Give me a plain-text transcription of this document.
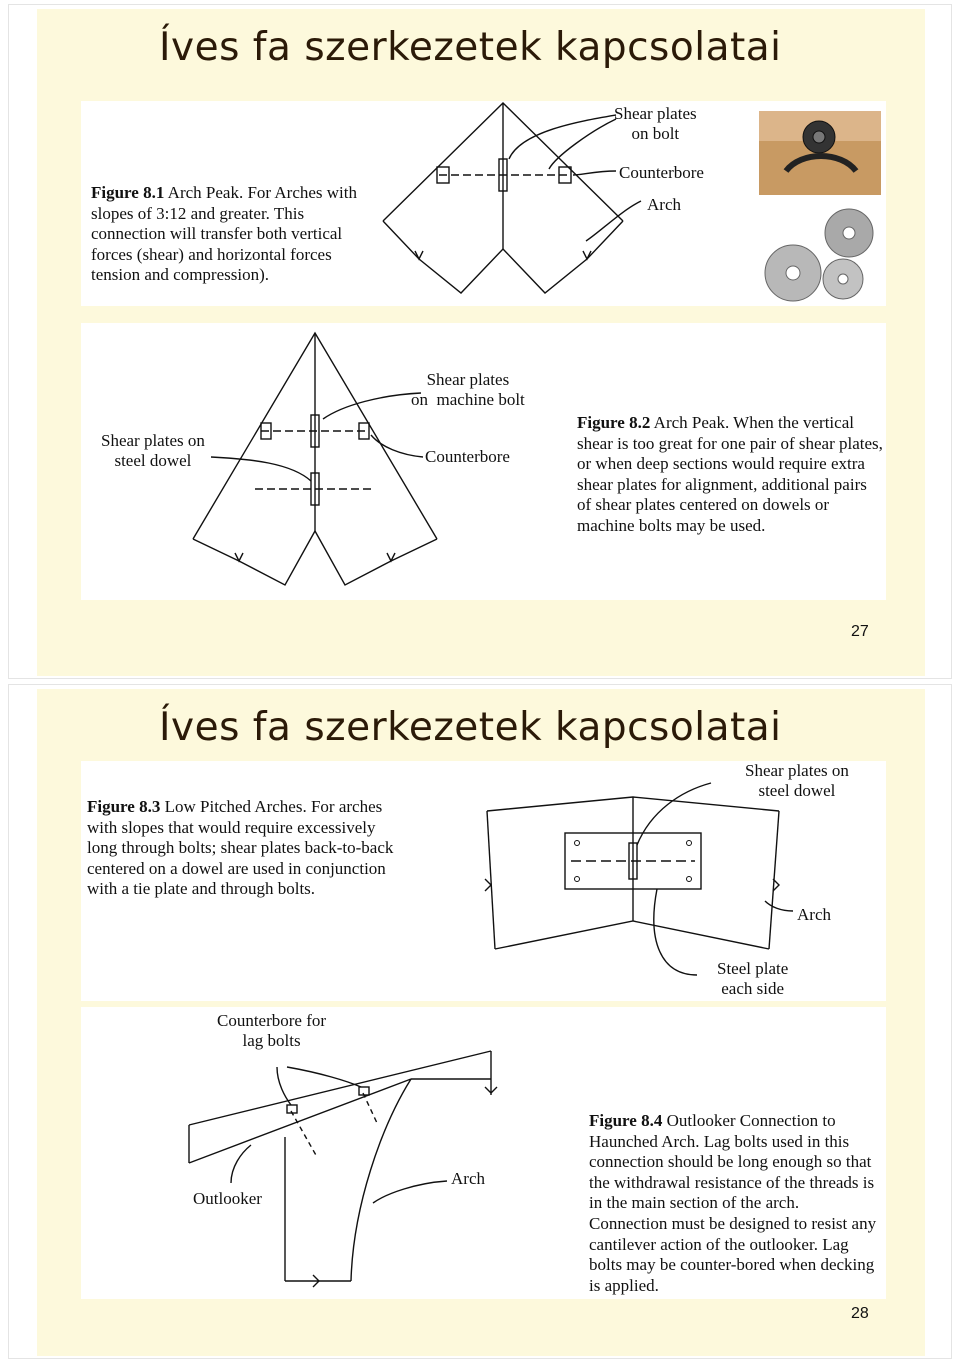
Íves fa szerkezetek kapcsolatai
Figure 8.1 Arch Peak. For Arches with slopes of 3:12 and greater. This connection will transfer both vertical forces (shear) and horizontal forces tension and compression).
Shear plates
on bolt
Counterbore
Arch
Shear plates
on  machine bolt
Shear plates on
steel dowel	Counterbore
Figure 8.2 Arch Peak. When the vertical shear is too great for one pair of shear plates, or when deep sections would require extra shear plates for alignment, additional pairs of shear plates centered on dowels or machine bolts may be used.
27
Íves fa szerkezetek kapcsolatai
Figure 8.3 Low Pitched Arches. For arches with slopes that would require excessively long through bolts; shear plates back-to-back centered on a dowel are used in conjunction with a tie plate and through bolts.
Shear plates on
steel dowel
Arch
Steel plate
each side
Counterbore for
lag bolts
Outlooker
Arch
Figure 8.4 Outlooker Connection to Haunched Arch. Lag bolts used in this connection should be long enough so that the withdrawal resistance of the threads is in the main section of the arch. Connection must be designed to resist any cantilever action of the outlooker. Lag bolts may be counter-bored when decking is applied.
28
